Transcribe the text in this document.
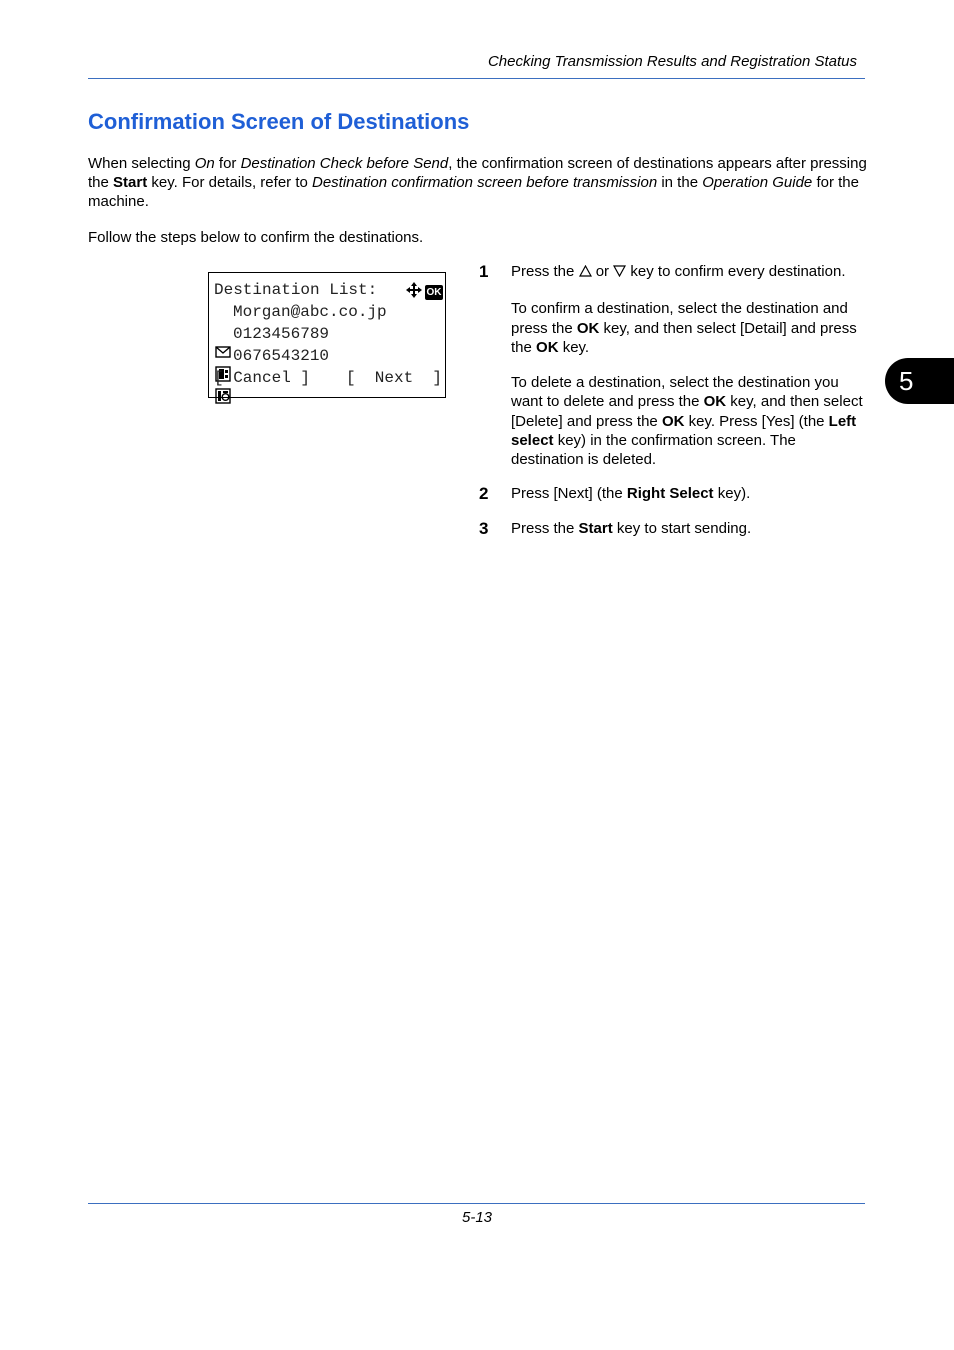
Checking Transmission Results and Registration Status
Confirmation Screen of Destinations

When selecting On for Destination Check before Send, the confirmation screen of destinations appears after pressing the Start key. For details, refer to Destination confirmation screen before transmission in the Operation Guide for the machine.

Follow the steps below to confirm the destinations.

Destination List:	OK

Morgan@abc.co.jp

0123456789

0676543210
[ Cancel ] [  Next  ]
1 Press the  or  key to confirm every destination.

To confirm a destination, select the destination and press the OK key, and then select [Detail] and press the OK key.

To delete a destination, select the destination you want to delete and press the OK key, and then select [Delete] and press the OK key. Press [Yes] (the Left select key) in the confirmation screen. The destination is deleted.

2 Press [Next] (the Right Select key).
3 Press the Start key to start sending.
5
5-13
